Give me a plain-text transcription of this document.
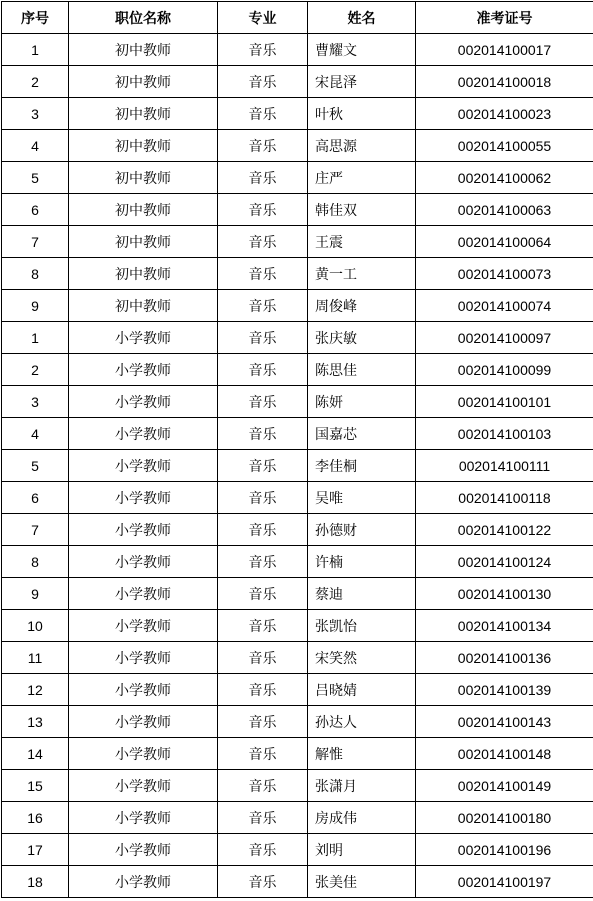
序号	职位名称	专业	姓名	准考证号
1	初中教师	音乐	曹耀文	002014100017
2	初中教师	音乐	宋昆泽	002014100018
3	初中教师	音乐	叶秋	002014100023
4	初中教师	音乐	高思源	002014100055
5	初中教师	音乐	庄严	002014100062
6	初中教师	音乐	韩佳双	002014100063
7	初中教师	音乐	王震	002014100064
8	初中教师	音乐	黄一工	002014100073
9	初中教师	音乐	周俊峰	002014100074
1	小学教师	音乐	张庆敏	002014100097
2	小学教师	音乐	陈思佳	002014100099
3	小学教师	音乐	陈妍	002014100101
4	小学教师	音乐	国嘉芯	002014100103
5	小学教师	音乐	李佳桐	002014100111
6	小学教师	音乐	吴唯	002014100118
7	小学教师	音乐	孙德财	002014100122
8	小学教师	音乐	许楠	002014100124
9	小学教师	音乐	蔡迪	002014100130
10	小学教师	音乐	张凯怡	002014100134
11	小学教师	音乐	宋笑然	002014100136
12	小学教师	音乐	吕晓婧	002014100139
13	小学教师	音乐	孙达人	002014100143
14	小学教师	音乐	解惟	002014100148
15	小学教师	音乐	张潇月	002014100149
16	小学教师	音乐	房成伟	002014100180
17	小学教师	音乐	刘明	002014100196
18	小学教师	音乐	张美佳	002014100197
